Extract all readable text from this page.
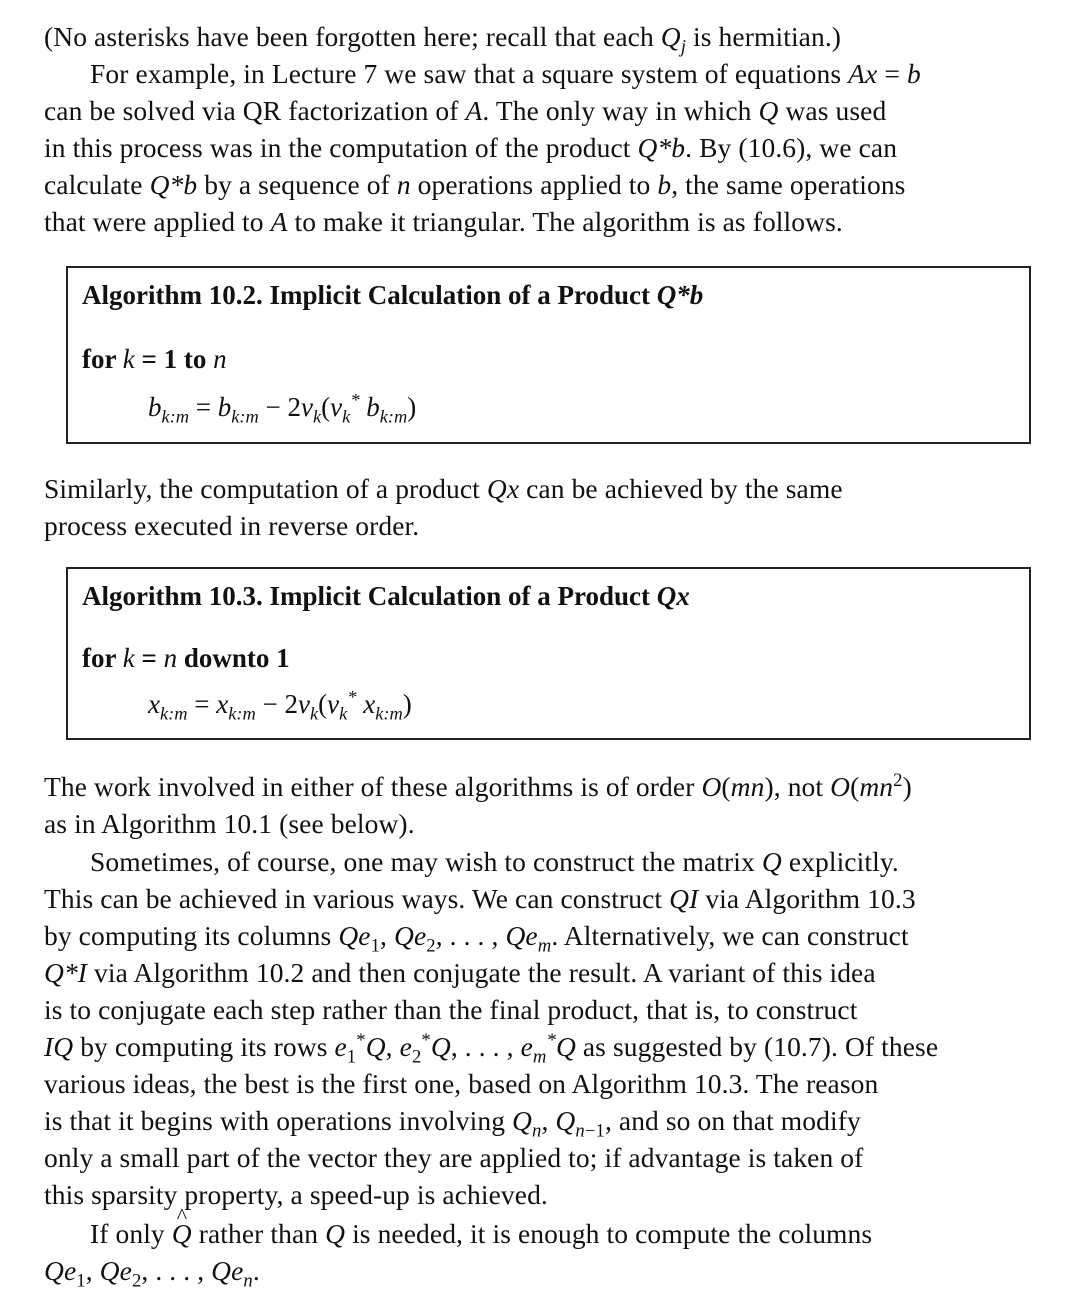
(No asterisks have been forgotten here; recall that each $Q_j$ is hermitian.)
For example, in Lecture 7 we saw that a square system of equations Ax = b
can be solved via QR factorization of A. The only way in which Q was used
in this process was in the computation of the product Q*b. By (10.6), we can
calculate Q*b by a sequence of n operations applied to b, the same operations
that were applied to A to make it triangular. The algorithm is as follows.
Algorithm 10.2. Implicit Calculation of a Product Q*b
for k = 1 to n
$b_{k:m} = b_{k:m} - 2v_k(v_k^*$ $b_{k:m}$)
Similarly, the computation of a product Qx can be achieved by the same
process executed in reverse order.
Algorithm 10.3. Implicit Calculation of a Product Qx
for k = n downto 1
$x_{k:m} = x_{k:m} - 2v_k(v_k^*$ $x_{k:m}$)
The work involved in either of these algorithms is of order O(mn), not $O(mn^2)$
as in Algorithm 10.1 (see below).
Sometimes, of course, one may wish to construct the matrix Q explicitly.
This can be achieved in various ways. We can construct QI via Algorithm 10.3
by computing its columns $Qe_1$, $Qe_2$, . . . , $Qe_m$. Alternatively, we can construct
Q*I via Algorithm 10.2 and then conjugate the result. A variant of this idea
is to conjugate each step rather than the final product, that is, to construct
IQ by computing its rows $e_1^*Q$, $e_2^*Q$, . . . , $e_m^*Q$ as suggested by (10.7). Of these
various ideas, the best is the first one, based on Algorithm 10.3. The reason
is that it begins with operations involving $Q_n$, $Q_{n-1}$, and so on that modify
only a small part of the vector they are applied to; if advantage is taken of
this sparsity property, a speed-up is achieved.
If only ^ Q rather than Q is needed, it is enough to compute the columns
$Qe_1$, $Qe_2$, . . . , $Qe_n$.
